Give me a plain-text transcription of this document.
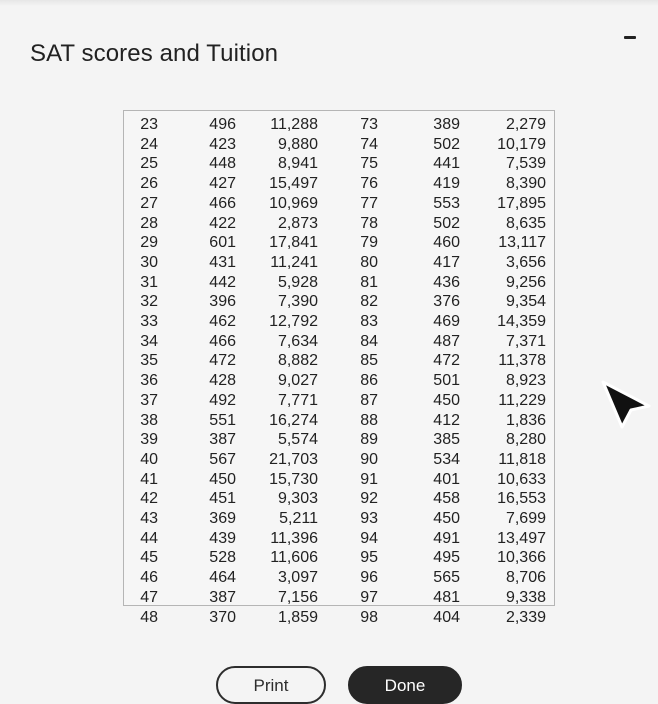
SAT scores and Tuition
23	496	11,288	73	389	2,279
24	423	9,880	74	502	10,179
25	448	8,941	75	441	7,539
26	427	15,497	76	419	8,390
27	466	10,969	77	553	17,895
28	422	2,873	78	502	8,635
29	601	17,841	79	460	13,117
30	431	11,241	80	417	3,656
31	442	5,928	81	436	9,256
32	396	7,390	82	376	9,354
33	462	12,792	83	469	14,359
34	466	7,634	84	487	7,371
35	472	8,882	85	472	11,378
36	428	9,027	86	501	8,923
37	492	7,771	87	450	11,229
38	551	16,274	88	412	1,836
39	387	5,574	89	385	8,280
40	567	21,703	90	534	11,818
41	450	15,730	91	401	10,633
42	451	9,303	92	458	16,553
43	369	5,211	93	450	7,699
44	439	11,396	94	491	13,497
45	528	11,606	95	495	10,366
46	464	3,097	96	565	8,706
47	387	7,156	97	481	9,338
48	370	1,859	98	404	2,339
Print	Done
